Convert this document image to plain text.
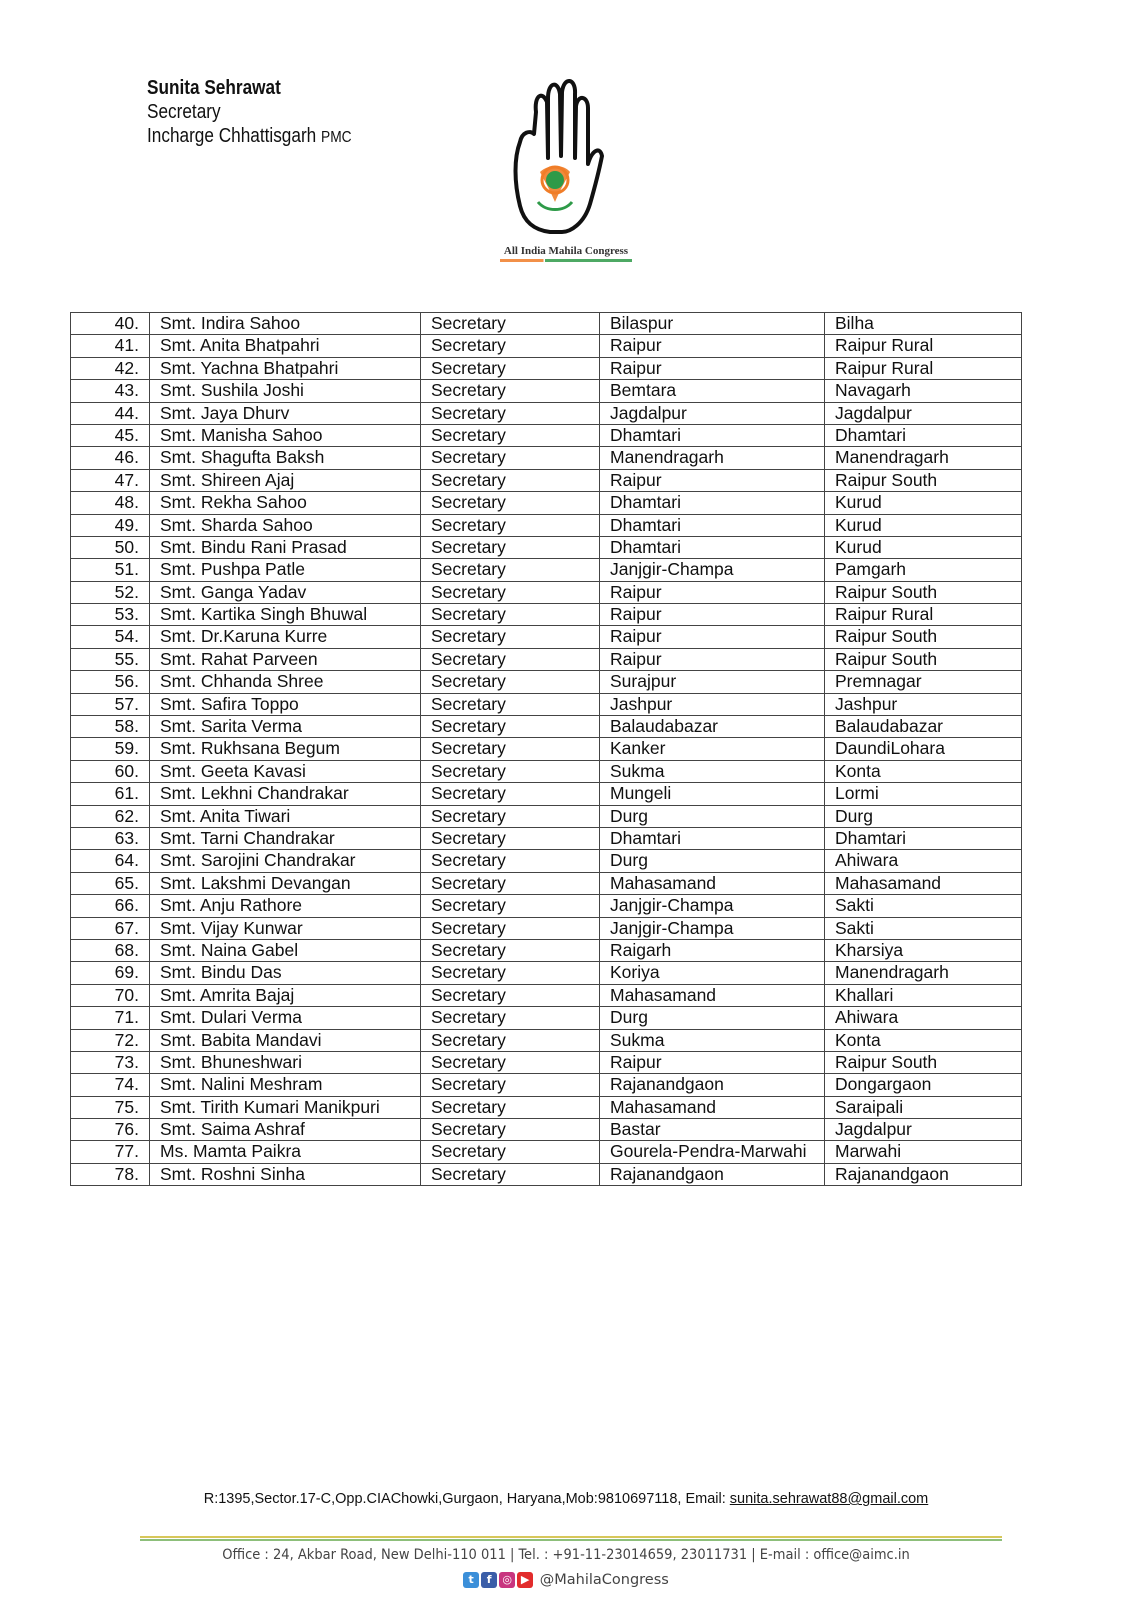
Sunita Sehrawat
Secretary
Incharge Chhattisgarh PMC
All India Mahila Congress
40.	Smt. Indira Sahoo	Secretary	Bilaspur	Bilha
41.	Smt. Anita Bhatpahri	Secretary	Raipur	Raipur Rural
42.	Smt. Yachna Bhatpahri	Secretary	Raipur	Raipur Rural
43.	Smt. Sushila Joshi	Secretary	Bemtara	Navagarh
44.	Smt. Jaya Dhurv	Secretary	Jagdalpur	Jagdalpur
45.	Smt. Manisha Sahoo	Secretary	Dhamtari	Dhamtari
46.	Smt. Shagufta Baksh	Secretary	Manendragarh	Manendragarh
47.	Smt. Shireen Ajaj	Secretary	Raipur	Raipur South
48.	Smt. Rekha Sahoo	Secretary	Dhamtari	Kurud
49.	Smt. Sharda Sahoo	Secretary	Dhamtari	Kurud
50.	Smt. Bindu Rani Prasad	Secretary	Dhamtari	Kurud
51.	Smt. Pushpa Patle	Secretary	Janjgir-Champa	Pamgarh
52.	Smt. Ganga Yadav	Secretary	Raipur	Raipur South
53.	Smt. Kartika Singh Bhuwal	Secretary	Raipur	Raipur Rural
54.	Smt. Dr.Karuna Kurre	Secretary	Raipur	Raipur South
55.	Smt. Rahat Parveen	Secretary	Raipur	Raipur South
56.	Smt. Chhanda Shree	Secretary	Surajpur	Premnagar
57.	Smt. Safira Toppo	Secretary	Jashpur	Jashpur
58.	Smt. Sarita Verma	Secretary	Balaudabazar	Balaudabazar
59.	Smt. Rukhsana Begum	Secretary	Kanker	DaundiLohara
60.	Smt. Geeta Kavasi	Secretary	Sukma	Konta
61.	Smt. Lekhni Chandrakar	Secretary	Mungeli	Lormi
62.	Smt. Anita Tiwari	Secretary	Durg	Durg
63.	Smt. Tarni Chandrakar	Secretary	Dhamtari	Dhamtari
64.	Smt. Sarojini Chandrakar	Secretary	Durg	Ahiwara
65.	Smt. Lakshmi Devangan	Secretary	Mahasamand	Mahasamand
66.	Smt. Anju Rathore	Secretary	Janjgir-Champa	Sakti
67.	Smt. Vijay Kunwar	Secretary	Janjgir-Champa	Sakti
68.	Smt. Naina Gabel	Secretary	Raigarh	Kharsiya
69.	Smt. Bindu Das	Secretary	Koriya	Manendragarh
70.	Smt. Amrita Bajaj	Secretary	Mahasamand	Khallari
71.	Smt. Dulari Verma	Secretary	Durg	Ahiwara
72.	Smt. Babita Mandavi	Secretary	Sukma	Konta
73.	Smt. Bhuneshwari	Secretary	Raipur	Raipur South
74.	Smt. Nalini Meshram	Secretary	Rajanandgaon	Dongargaon
75.	Smt. Tirith Kumari Manikpuri	Secretary	Mahasamand	Saraipali
76.	Smt. Saima Ashraf	Secretary	Bastar	Jagdalpur
77.	Ms. Mamta Paikra	Secretary	Gourela-Pendra-Marwahi	Marwahi
78.	Smt. Roshni Sinha	Secretary	Rajanandgaon	Rajanandgaon
R:1395,Sector.17-C,Opp.CIAChowki,Gurgaon, Haryana,Mob:9810697118, Email: sunita.sehrawat88@gmail.com
Office : 24, Akbar Road, New Delhi-110 011 | Tel. : +91-11-23014659, 23011731 | E-mail : office@aimc.in
t f ◎ ▶ @MahilaCongress
